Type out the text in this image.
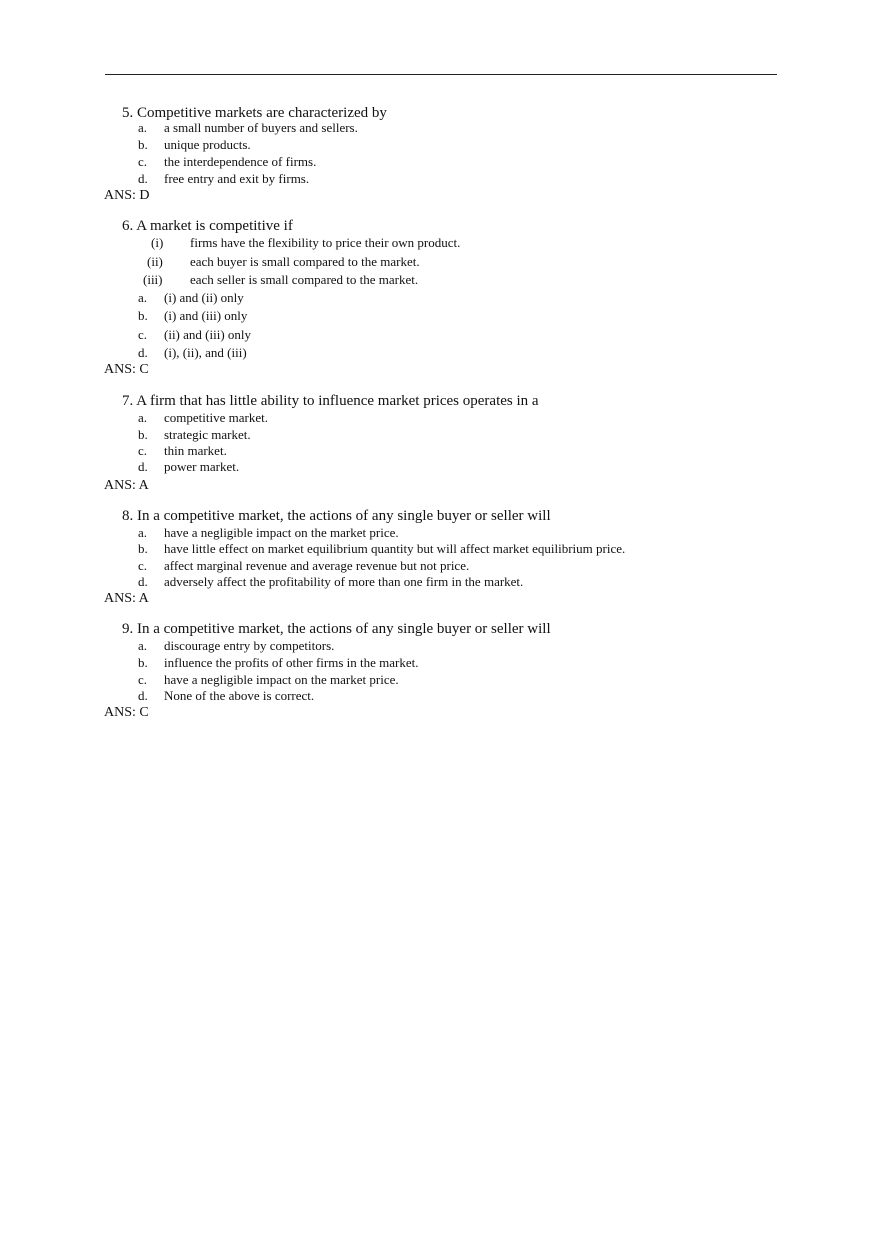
5. Competitive markets are characterized by
a. a small number of buyers and sellers.
b. unique products.
c. the interdependence of firms.
d. free entry and exit by firms.
ANS: D
6. A market is competitive if
(i) firms have the flexibility to price their own product.
(ii) each buyer is small compared to the market.
(iii) each seller is small compared to the market.
a. (i) and (ii) only
b. (i) and (iii) only
c. (ii) and (iii) only
d. (i), (ii), and (iii)
ANS: C
7. A firm that has little ability to influence market prices operates in a
a. competitive market.
b. strategic market.
c. thin market.
d. power market.
ANS: A
8. In a competitive market, the actions of any single buyer or seller will
a. have a negligible impact on the market price.
b. have little effect on market equilibrium quantity but will affect market equilibrium price.
c. affect marginal revenue and average revenue but not price.
d. adversely affect the profitability of more than one firm in the market.
ANS: A
9. In a competitive market, the actions of any single buyer or seller will
a. discourage entry by competitors.
b. influence the profits of other firms in the market.
c. have a negligible impact on the market price.
d. None of the above is correct.
ANS: C
